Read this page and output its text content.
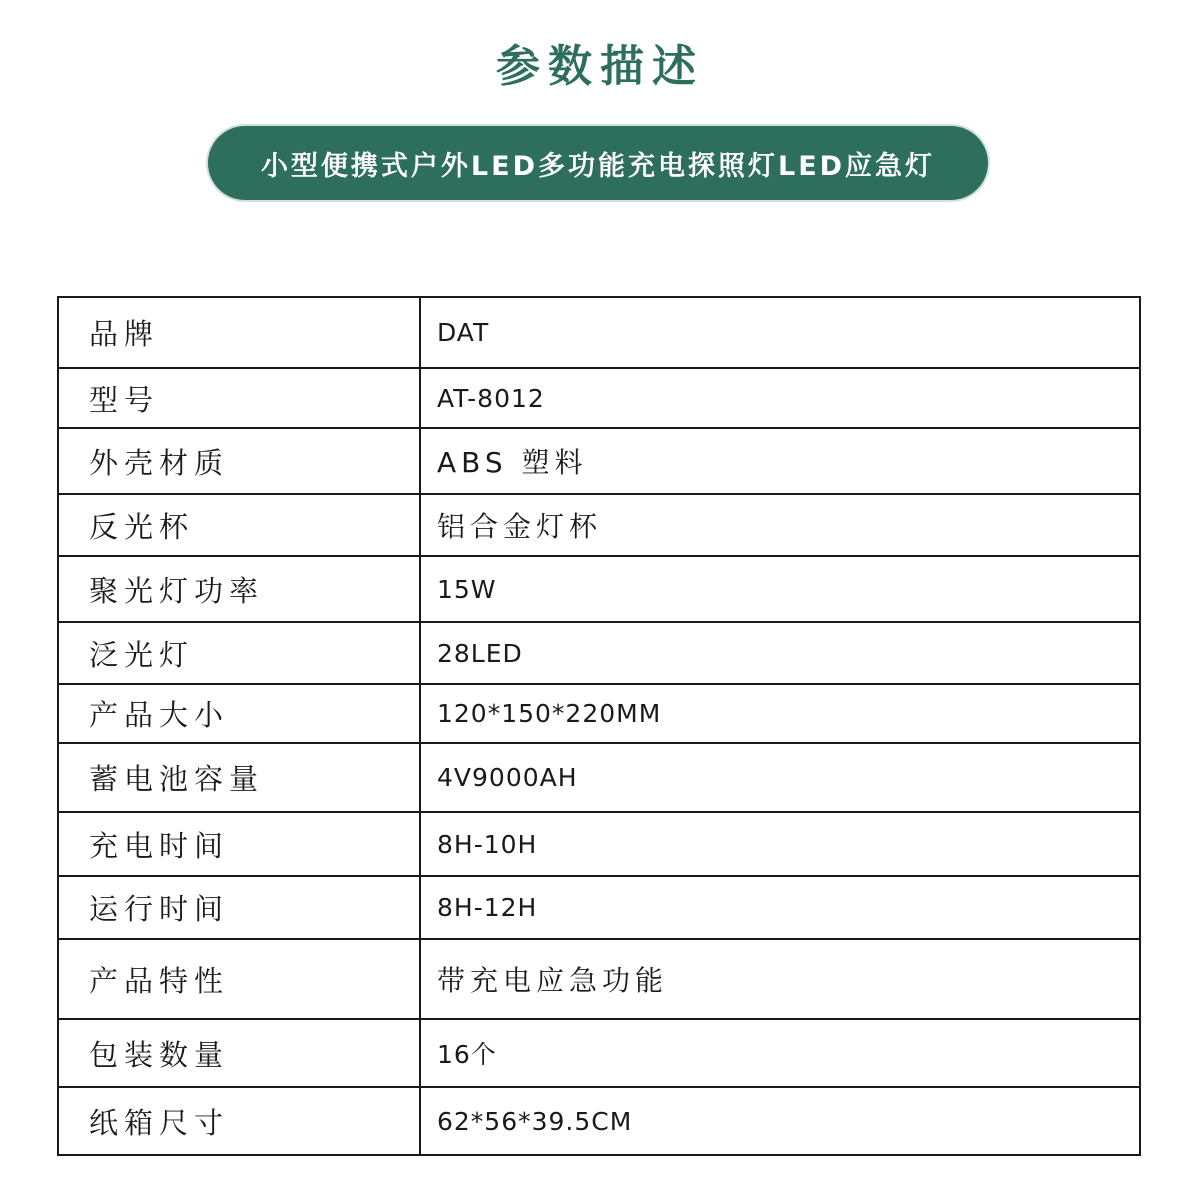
参数描述
小型便携式户外LED多功能充电探照灯LED应急灯
品牌	DAT
型号	AT-8012
外壳材质	ABS 塑料
反光杯	铝合金灯杯
聚光灯功率	15W
泛光灯	28LED
产品大小	120*150*220MM
蓄电池容量	4V9000AH
充电时间	8H-10H
运行时间	8H-12H
产品特性	带充电应急功能
包装数量	16个
纸箱尺寸	62*56*39.5CM
